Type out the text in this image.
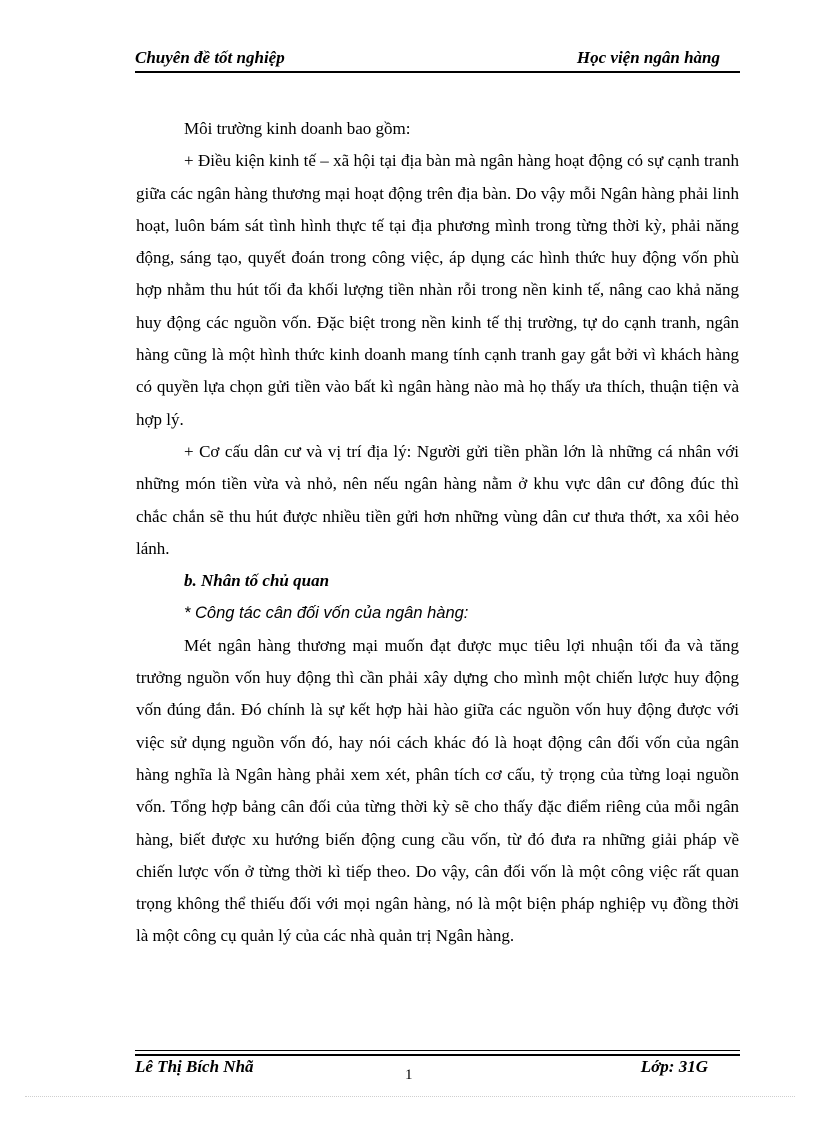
Chuyên đề tốt nghiệp	Học viện ngân hàng

Môi trường kinh doanh bao gồm:

+ Điều kiện kinh tế – xã hội tại địa bàn mà ngân hàng hoạt động có sự cạnh tranh giữa các ngân hàng thương mại hoạt động trên địa bàn. Do vậy mỗi Ngân hàng phải linh hoạt, luôn bám sát tình hình thực tế tại địa phương mình trong từng thời kỳ, phải năng động, sáng tạo, quyết đoán trong công việc, áp dụng các hình thức huy động vốn phù hợp nhằm thu hút tối đa khối lượng tiền nhàn rỗi trong nền kinh tế, nâng cao khả năng huy động các nguồn vốn. Đặc biệt trong nền kinh tế thị trường, tự do cạnh tranh, ngân hàng cũng là một hình thức kinh doanh mang tính cạnh tranh gay gắt bởi vì khách hàng có quyền lựa chọn gửi tiền vào bất kì ngân hàng nào mà họ thấy ưa thích, thuận tiện và hợp lý.

+ Cơ cấu dân cư và vị trí địa lý: Người gửi tiền phần lớn là những cá nhân với những món tiền vừa và nhỏ, nên nếu ngân hàng nằm ở khu vực dân cư đông đúc thì chắc chắn sẽ thu hút được nhiều tiền gửi hơn những vùng dân cư thưa thớt, xa xôi hẻo lánh.

b. Nhân tố chủ quan

* Công tác cân đối vốn của ngân hàng:

Mét ngân hàng thương mại muốn đạt được mục tiêu lợi nhuận tối đa và tăng trưởng nguồn vốn huy động thì cần phải xây dựng cho mình một chiến lược huy động vốn đúng đắn. Đó chính là sự kết hợp hài hào giữa các nguồn vốn huy động được với việc sử dụng nguồn vốn đó, hay nói cách khác đó là hoạt động cân đối vốn của ngân hàng nghĩa là Ngân hàng phải xem xét, phân tích cơ cấu, tỷ trọng của từng loại nguồn vốn. Tổng hợp bảng cân đối của từng thời kỳ sẽ cho thấy đặc điểm riêng của mỗi ngân hàng, biết được xu hướng biến động cung cầu vốn, từ đó đưa ra những giải pháp về chiến lược vốn ở từng thời kì tiếp theo. Do vậy, cân đối vốn là một công việc rất quan trọng không thể thiếu đối với mọi ngân hàng, nó là một biện pháp nghiệp vụ đồng thời là một công cụ quản lý của các nhà quản trị Ngân hàng.

Lê Thị Bích Nhã	1	Lớp: 31G
